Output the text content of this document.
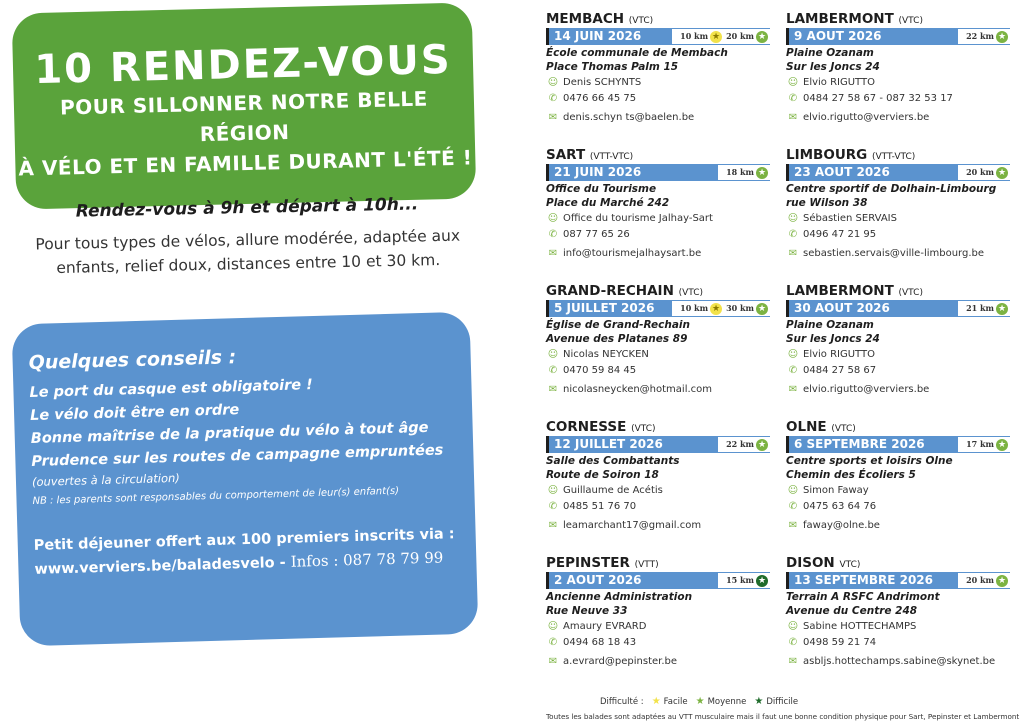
10 RENDEZ-VOUS
POUR SILLONNER NOTRE BELLE RÉGION
À VÉLO ET EN FAMILLE DURANT L'ÉTÉ !
Rendez-vous à 9h et départ à 10h...
Pour tous types de vélos, allure modérée, adaptée aux
enfants, relief doux, distances entre 10 et 30 km.
Quelques conseils :
Le port du casque est obligatoire !
Le vélo doit être en ordre
Bonne maîtrise de la pratique du vélo à tout âge
Prudence sur les routes de campagne empruntées
(ouvertes à la circulation)
NB : les parents sont responsables du comportement de leur(s) enfant(s)
Petit déjeuner offert aux 100 premiers inscrits via :
www.verviers.be/baladesvelo - Infos : 087 78 79 99
MEMBACH (VTC)
14 JUIN 2026	10 km ★ 20 km ★
École communale de Membach
Place Thomas Palm 15
☺ Denis SCHYNTS
✆ 0476 66 45 75
✉ denis.schyn ts@baelen.be
SART (VTT-VTC)
21 JUIN 2026	18 km ★
Office du Tourisme
Place du Marché 242
☺ Office du tourisme Jalhay-Sart
✆ 087 77 65 26
✉ info@tourismejalhaysart.be
GRAND-RECHAIN (VTC)
5 JUILLET 2026	10 km ★ 30 km ★
Église de Grand-Rechain
Avenue des Platanes 89
☺ Nicolas NEYCKEN
✆ 0470 59 84 45
✉ nicolasneycken@hotmail.com
CORNESSE (VTC)
12 JUILLET 2026	22 km ★
Salle des Combattants
Route de Soiron 18
☺ Guillaume de Acétis
✆ 0485 51 76 70
✉ leamarchant17@gmail.com
PEPINSTER (VTT)
2 AOUT 2026	15 km ★
Ancienne Administration
Rue Neuve 33
☺ Amaury EVRARD
✆ 0494 68 18 43
✉ a.evrard@pepinster.be
LAMBERMONT (VTC)
9 AOUT 2026	22 km ★
Plaine Ozanam
Sur les Joncs 24
☺ Elvio RIGUTTO
✆ 0484 27 58 67 - 087 32 53 17
✉ elvio.rigutto@verviers.be
LIMBOURG (VTT-VTC)
23 AOUT 2026	20 km ★
Centre sportif de Dolhain-Limbourg
rue Wilson 38
☺ Sébastien SERVAIS
✆ 0496 47 21 95
✉ sebastien.servais@ville-limbourg.be
LAMBERMONT (VTC)
30 AOUT 2026	21 km ★
Plaine Ozanam
Sur les Joncs 24
☺ Elvio RIGUTTO
✆ 0484 27 58 67
✉ elvio.rigutto@verviers.be
OLNE (VTC)
6 SEPTEMBRE 2026	17 km ★
Centre sports et loisirs Olne
Chemin des Écoliers 5
☺ Simon Faway
✆ 0475 63 64 76
✉ faway@olne.be
DISON VTC)
13 SEPTEMBRE 2026	20 km ★
Terrain A RSFC Andrimont
Avenue du Centre 248
☺ Sabine HOTTECHAMPS
✆ 0498 59 21 74
✉ asbljs.hottechamps.sabine@skynet.be
Difficulté : ★ Facile ★ Moyenne ★ Difficile
Toutes les balades sont adaptées au VTT musculaire mais il faut une bonne condition physique pour Sart, Pepinster et Lambermont
